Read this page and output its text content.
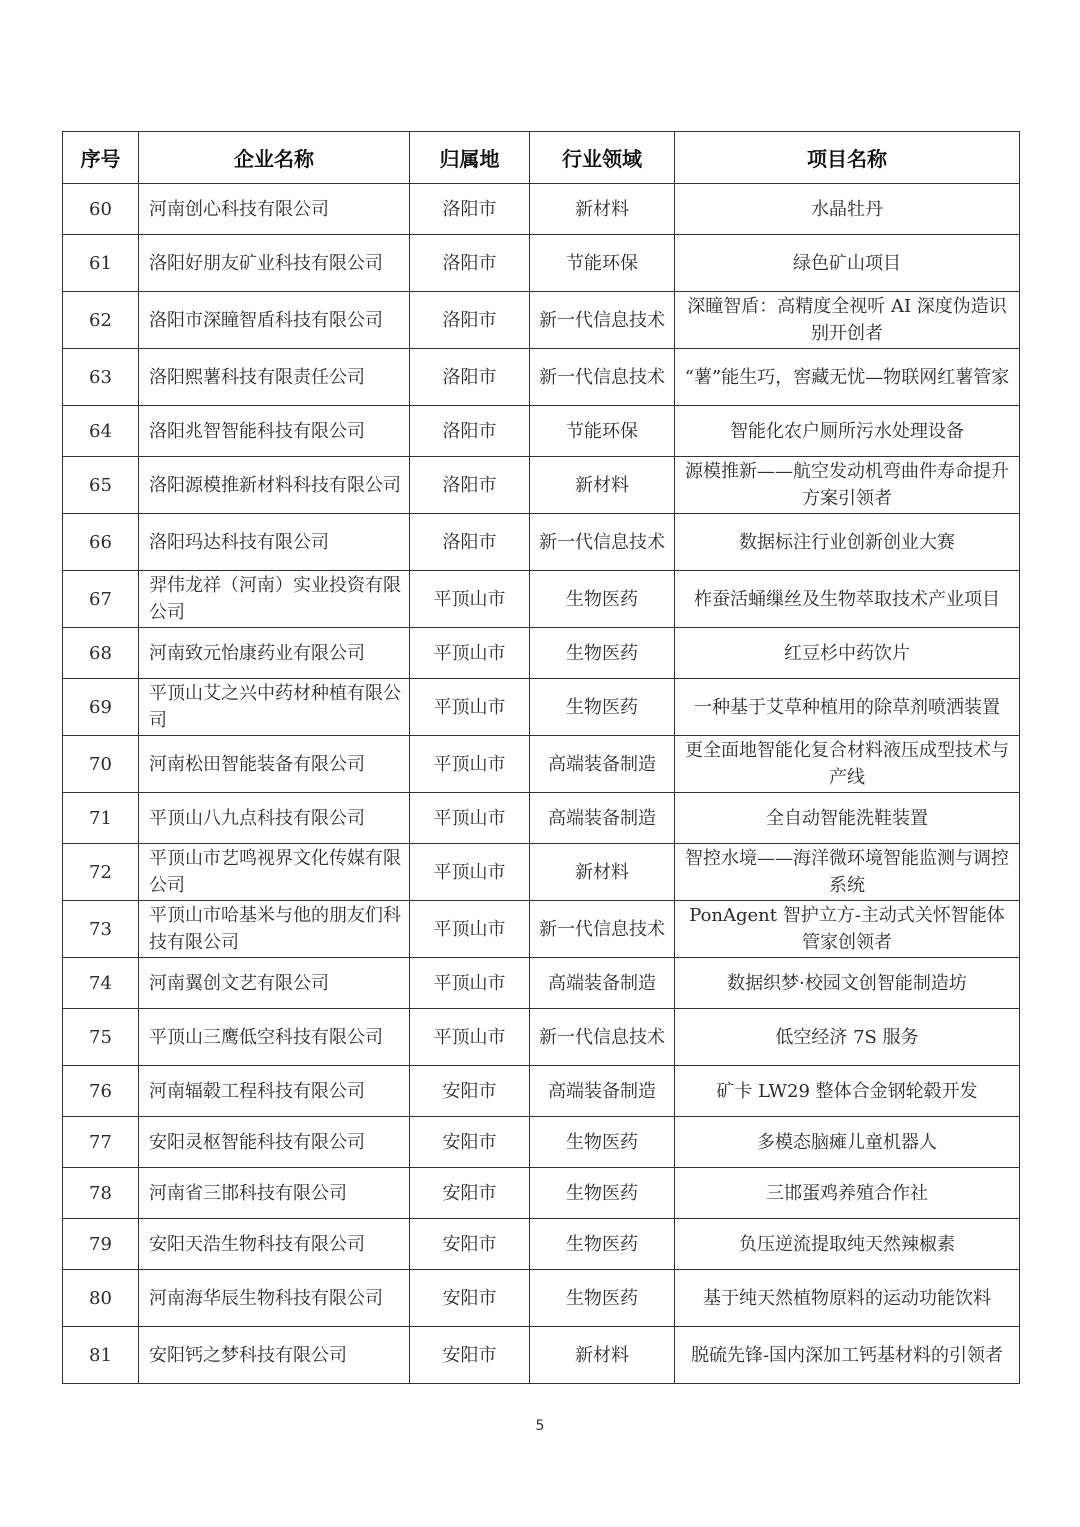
序号	企业名称	归属地	行业领域	项目名称
60	河南创心科技有限公司	洛阳市	新材料	水晶牡丹
61	洛阳好朋友矿业科技有限公司	洛阳市	节能环保	绿色矿山项目
62	洛阳市深瞳智盾科技有限公司	洛阳市	新一代信息技术	深瞳智盾：高精度全视听 AI 深度伪造识别开创者
63	洛阳熙薯科技有限责任公司	洛阳市	新一代信息技术	“薯”能生巧，窖藏无忧—物联网红薯管家
64	洛阳兆智智能科技有限公司	洛阳市	节能环保	智能化农户厕所污水处理设备
65	洛阳源模推新材料科技有限公司	洛阳市	新材料	源模推新——航空发动机弯曲件寿命提升方案引领者
66	洛阳玛达科技有限公司	洛阳市	新一代信息技术	数据标注行业创新创业大赛
67	羿伟龙祥（河南）实业投资有限公司	平顶山市	生物医药	柞蚕活蛹缫丝及生物萃取技术产业项目
68	河南致元怡康药业有限公司	平顶山市	生物医药	红豆杉中药饮片
69	平顶山艾之兴中药材种植有限公司	平顶山市	生物医药	一种基于艾草种植用的除草剂喷洒装置
70	河南松田智能装备有限公司	平顶山市	高端装备制造	更全面地智能化复合材料液压成型技术与产线
71	平顶山八九点科技有限公司	平顶山市	高端装备制造	全自动智能洗鞋装置
72	平顶山市艺鸣视界文化传媒有限公司	平顶山市	新材料	智控水境——海洋微环境智能监测与调控系统
73	平顶山市哈基米与他的朋友们科技有限公司	平顶山市	新一代信息技术	PonAgent 智护立方-主动式关怀智能体管家创领者
74	河南翼创文艺有限公司	平顶山市	高端装备制造	数据织梦·校园文创智能制造坊
75	平顶山三鹰低空科技有限公司	平顶山市	新一代信息技术	低空经济 7S 服务
76	河南辐毂工程科技有限公司	安阳市	高端装备制造	矿卡 LW29 整体合金钢轮毂开发
77	安阳灵枢智能科技有限公司	安阳市	生物医药	多模态脑瘫儿童机器人
78	河南省三邯科技有限公司	安阳市	生物医药	三邯蛋鸡养殖合作社
79	安阳天浩生物科技有限公司	安阳市	生物医药	负压逆流提取纯天然辣椒素
80	河南海华辰生物科技有限公司	安阳市	生物医药	基于纯天然植物原料的运动功能饮料
81	安阳钙之梦科技有限公司	安阳市	新材料	脱硫先锋-国内深加工钙基材料的引领者
5
